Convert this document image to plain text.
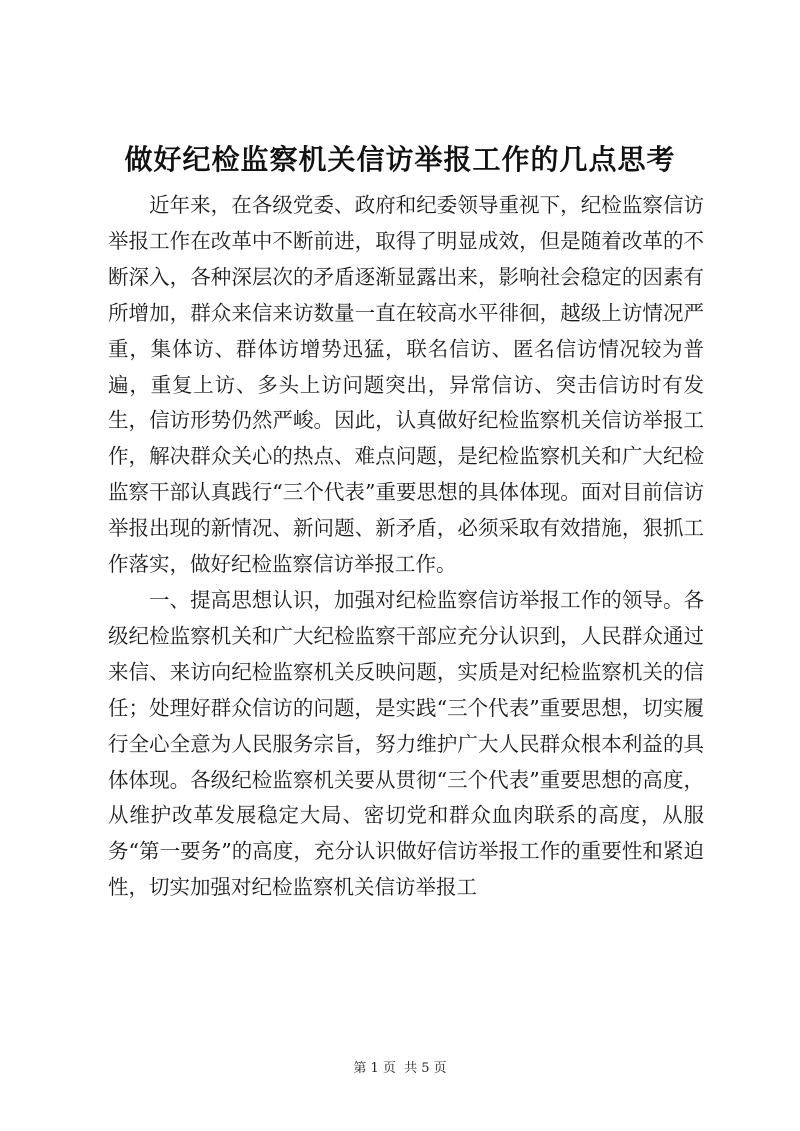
做好纪检监察机关信访举报工作的几点思考

近年来，在各级党委、政府和纪委领导重视下，纪检监察信访举报工作在改革中不断前进，取得了明显成效，但是随着改革的不断深入，各种深层次的矛盾逐渐显露出来，影响社会稳定的因素有所增加，群众来信来访数量一直在较高水平徘徊，越级上访情况严重，集体访、群体访增势迅猛，联名信访、匿名信访情况较为普遍，重复上访、多头上访问题突出，异常信访、突击信访时有发生，信访形势仍然严峻。因此，认真做好纪检监察机关信访举报工作，解决群众关心的热点、难点问题，是纪检监察机关和广大纪检监察干部认真践行“三个代表”重要思想的具体体现。面对目前信访举报出现的新情况、新问题、新矛盾，必须采取有效措施，狠抓工作落实，做好纪检监察信访举报工作。

一、提高思想认识，加强对纪检监察信访举报工作的领导。各级纪检监察机关和广大纪检监察干部应充分认识到，人民群众通过来信、来访向纪检监察机关反映问题，实质是对纪检监察机关的信任；处理好群众信访的问题，是实践“三个代表”重要思想，切实履行全心全意为人民服务宗旨，努力维护广大人民群众根本利益的具体体现。各级纪检监察机关要从贯彻“三个代表”重要思想的高度，从维护改革发展稳定大局、密切党和群众血肉联系的高度，从服务“第一要务”的高度，充分认识做好信访举报工作的重要性和紧迫性，切实加强对纪检监察机关信访举报工

第 1 页  共 5 页
